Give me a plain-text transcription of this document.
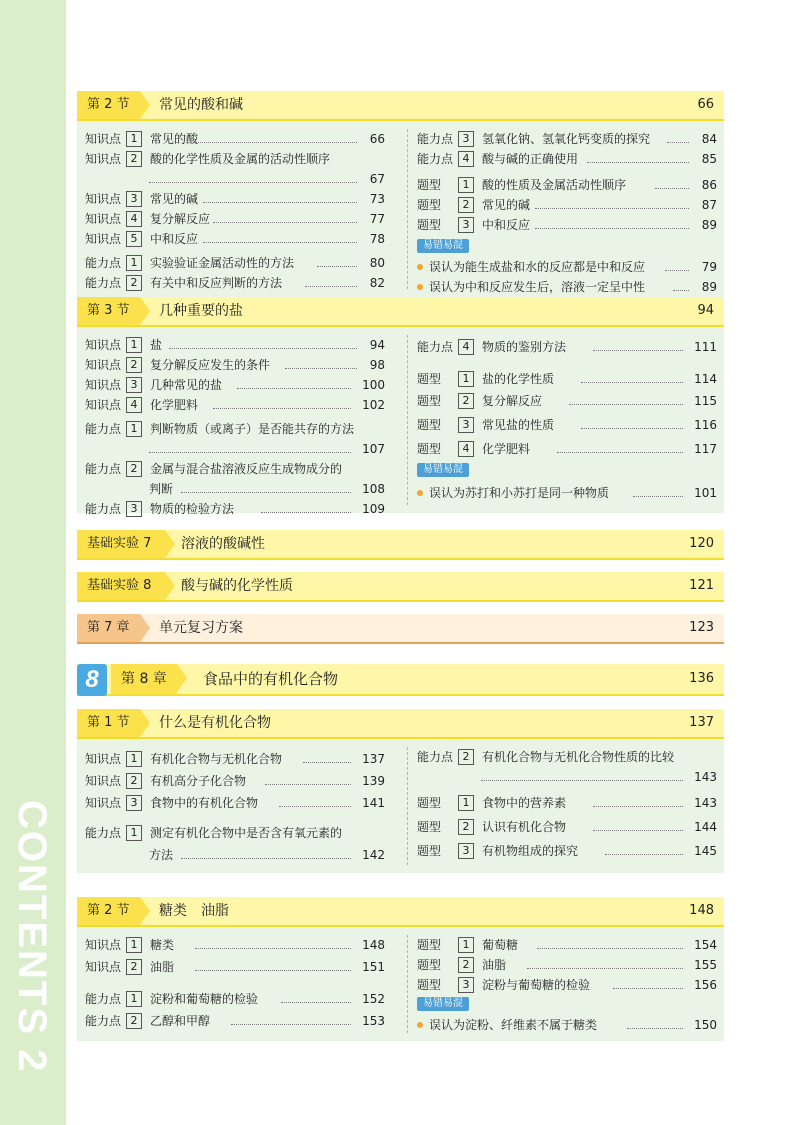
CONTENTS 2
第 2 节	常见的酸和碱	66
知识点 1 常见的酸	66
知识点 2 酸的化学性质及金属的活动性顺序
67
知识点 3 常见的碱	73
知识点 4 复分解反应	77
知识点 5 中和反应	78
能力点 1 实验验证金属活动性的方法	80
能力点 2 有关中和反应判断的方法	82
能力点 3 氢氧化钠、氢氧化钙变质的探究	84
能力点 4 酸与碱的正确使用	85
题型 1 酸的性质及金属活动性顺序	86
题型 2 常见的碱	87
题型 3 中和反应	89
易错易混
误认为能生成盐和水的反应都是中和反应	79
误认为中和反应发生后，溶液一定呈中性	89
第 3 节	几种重要的盐	94
知识点 1 盐	94
知识点 2 复分解反应发生的条件	98
知识点 3 几种常见的盐	100
知识点 4 化学肥料	102
能力点 1 判断物质（或离子）是否能共存的方法
107
能力点 2 金属与混合盐溶液反应生成物成分的
判断	108
能力点 3 物质的检验方法	109
能力点 4 物质的鉴别方法	111
题型 1 盐的化学性质	114
题型 2 复分解反应	115
题型 3 常见盐的性质	116
题型 4 化学肥料	117
易错易混
误认为苏打和小苏打是同一种物质	101
基础实验 7	溶液的酸碱性	120
基础实验 8	酸与碱的化学性质	121
第 7 章	单元复习方案	123
8	第 8 章	食品中的有机化合物	136
第 1 节	什么是有机化合物	137
知识点 1 有机化合物与无机化合物	137
知识点 2 有机高分子化合物	139
知识点 3 食物中的有机化合物	141
能力点 1 测定有机化合物中是否含有氧元素的
方法	142
能力点 2 有机化合物与无机化合物性质的比较
143
题型 1 食物中的营养素	143
题型 2 认识有机化合物	144
题型 3 有机物组成的探究	145
第 2 节	糖类　油脂	148
知识点 1 糖类	148
知识点 2 油脂	151
能力点 1 淀粉和葡萄糖的检验	152
能力点 2 乙醇和甲醇	153
题型 1 葡萄糖	154
题型 2 油脂	155
题型 3 淀粉与葡萄糖的检验	156
易错易混
误认为淀粉、纤维素不属于糖类	150
